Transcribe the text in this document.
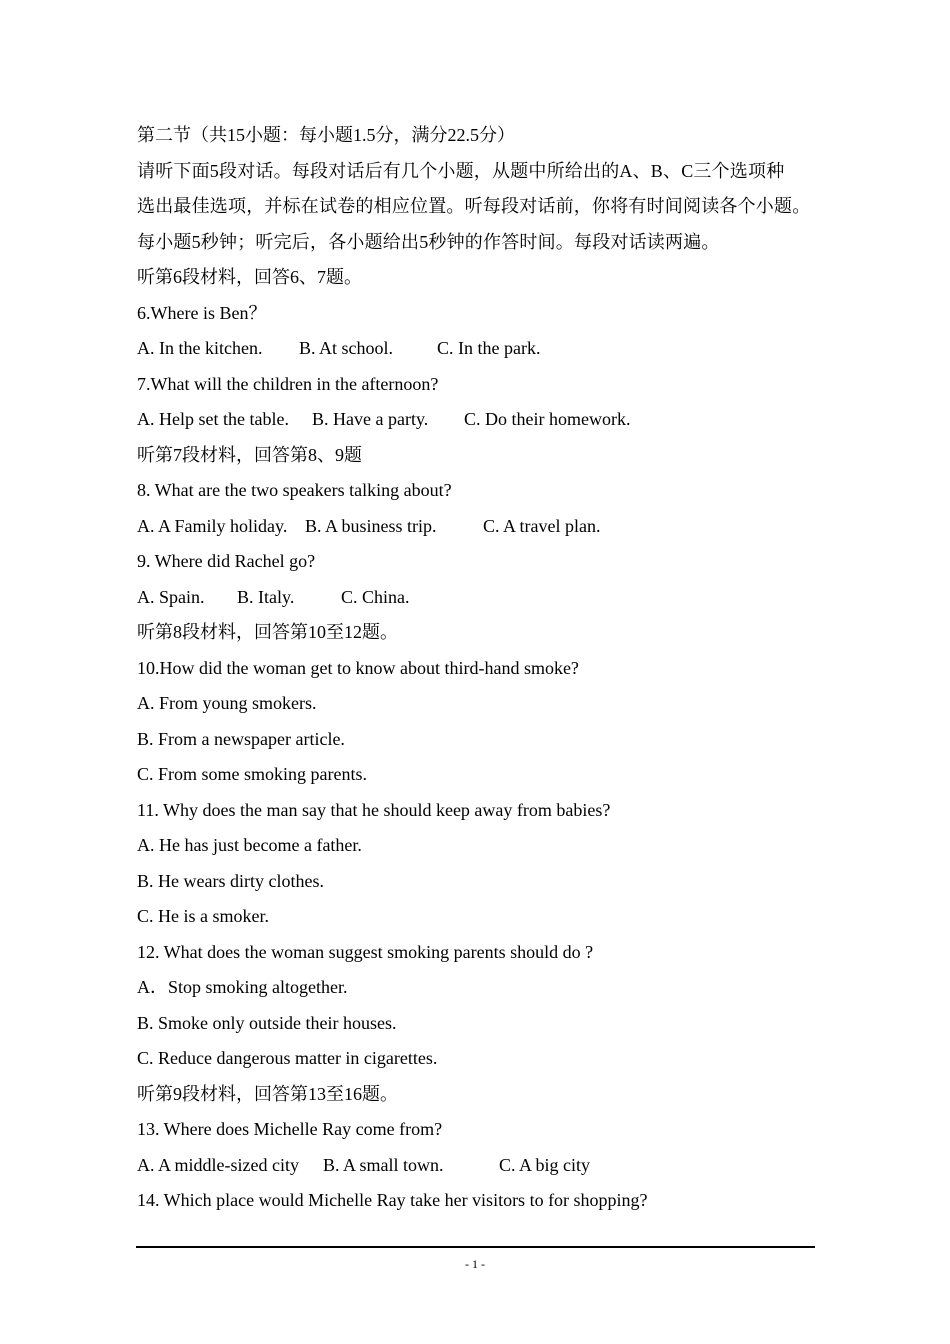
第二节（共15小题：每小题1.5分，满分22.5分）
请听下面5段对话。每段对话后有几个小题，从题中所给出的A、B、C三个选项种
选出最佳选项，并标在试卷的相应位置。听每段对话前，你将有时间阅读各个小题。
每小题5秒钟；听完后，各小题给出5秒钟的作答时间。每段对话读两遍。
听第6段材料，回答6、7题。
6.Where is Ben？
A. In the kitchen. B. At school. C. In the park.
7.What will the children in the afternoon?
A. Help set the table. B. Have a party. C. Do their homework.
听第7段材料，回答第8、9题
8. What are the two speakers talking about?
A. A Family holiday. B. A business trip.	C. A travel plan.
9. Where did Rachel go?
A. Spain. B. Italy.	C. China.
听第8段材料，回答第10至12题。
10.How did the woman get to know about third-hand smoke?
A. From young smokers.
B. From a newspaper article.
C. From some smoking parents.
11. Why does the man say that he should keep away from babies?
A. He has just become a father.
B. He wears dirty clothes.
C. He is a smoker.
12. What does the woman suggest smoking parents should do ?
A．Stop smoking altogether.
B. Smoke only outside their houses.
C. Reduce dangerous matter in cigarettes.
听第9段材料，回答第13至16题。
13. Where does Michelle Ray come from?
A. A middle-sized city B. A small town.	C. A big city
14. Which place would Michelle Ray take her visitors to for shopping?
- 1 -
